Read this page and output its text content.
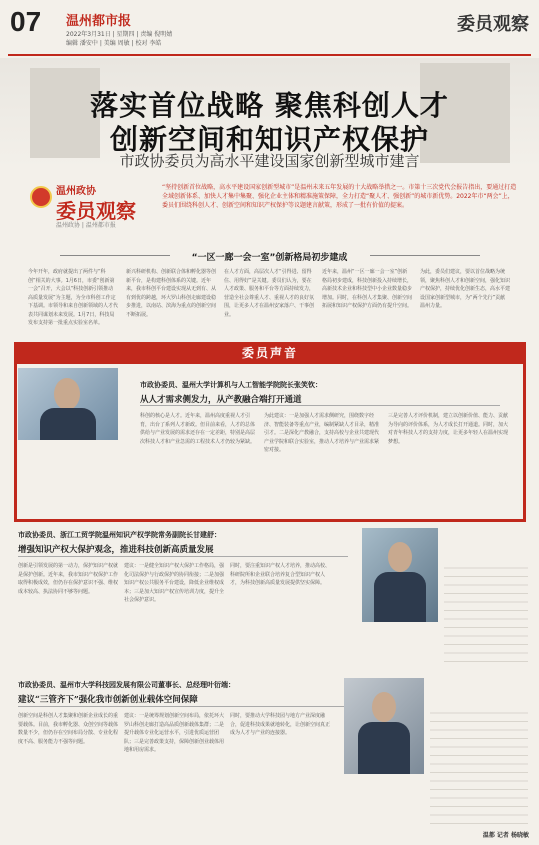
07 温州都市报
2022年3月31日 | 星期四 | 责编 倪明婧
编辑 潘安中 | 美编 周敏 | 校对 李皓
委员观察
落实首位战略 聚焦科创人才
创新空间和知识产权保护
市政协委员为高水平建设国家创新型城市建言
温州政协
委员观察
温州政协 | 温州都市报
“坚持创新首位战略，高水平建设国家创新型城市”是温州未来五年发展的十大战略举措之一。市第十三次党代会报告指出，要通过打造全域创新体系、加快人才集中集聚、强化企业主体和精准施策保障，全力打造“聚人才、强创新”的城市新优势。2022年市“两会”上，委员们围绕科创人才、创新空间和知识产权保护等议题建言献策，形成了一批有价值的提案。
“一区一廊一会一室”创新格局初步建成
今年开年，政府就提出了两件与“科创”相关的大事。1月6日，市委“创新第一会”召开，大会以“科技创新引领推动高质量发展”为主题，为全市科创工作定下基调。市领导和来自创新领域的人才代表共同谋划未来发展。1月7日，科技局发布支持第一批重点实验室名单。
新兴科研机构、创新联合体和孵化器等创新平台，是构建科创体系的关键。近年来，我市科创平台建设实现从无到有、从有到优的跨越，环大罗山科创走廊建设稳步推进，以南站、滨海为重点的创新空间不断拓展。
在人才方面，高层次人才“引得进、留得住、用得好”是关键。委员们认为，要在人才政策、服务和平台等方面持续发力，营造全社会尊重人才、重视人才的良好氛围，让更多人才在温州安家落户、干事创业。
近年来，温州“一区一廊一会一室”创新格局初步建成，科技创新投入持续增长，高新技术企业和科技型中小企业数量稳步增加。同时，在科创人才集聚、创新空间拓展和知识产权保护方面仍有提升空间。
为此，委员们建议，要以首位战略为统领，聚焦科创人才和创新空间，强化知识产权保护，持续优化创新生态，高水平建设国家创新型城市，为“两个先行”贡献温州力量。
委员声音
市政协委员、温州大学计算机与人工智能学院院长张笑钦：
从人才需求侧发力，从产教融合端打开通道
科创的核心是人才。近年来，温州高度重视人才引育，出台了系列人才新政。但目前来看，人才的总体供给与产业发展的需求还存在一定差距，特别是高层次科技人才和产业急需的工程技术人才仍较为紧缺。
为此建议：一是加强人才需求侧研究，围绕数字经济、智能装备等重点产业，编制紧缺人才目录，精准引才。二是深化产教融合，支持高校与企业共建现代产业学院和联合实验室，推动人才培养与产业需求紧密对接。
三是完善人才评价机制，建立以创新价值、能力、贡献为导向的评价体系，为人才成长打开通道。同时，加大对青年科技人才的支持力度，让更多年轻人在温州实现梦想。
市政协委员、浙江工贸学院温州知识产权学院常务副院长甘建舒：
增强知识产权大保护观念，推进科技创新高质量发展
创新是引领发展的第一动力，保护知识产权就是保护创新。近年来，我市知识产权保护工作取得积极成效，但仍存在保护意识不强、维权成本较高、执法协同不够等问题。
建议：一是健全知识产权大保护工作格局，强化司法保护与行政保护的协同衔接；二是加强知识产权公共服务平台建设，降低企业维权成本；三是加大知识产权宣传培训力度，提升全社会保护意识。
同时，要注重知识产权人才培养，推动高校、科研院所和企业联合培养复合型知识产权人才，为科技创新高质量发展提供坚实保障。
市政协委员、温州市大学科技园发展有限公司董事长、总经理叶衍端：
建议“三管齐下”强化我市创新创业载体空间保障
创新空间是科创人才集聚和创新企业成长的重要载体。目前，我市孵化器、众创空间等载体数量不少，但仍存在空间布局分散、专业化程度不高、服务能力不强等问题。
建议：一是统筹规划创新空间布局，依托环大罗山科创走廊打造高品质创新载体集群；二是提升载体专业化运营水平，引进优质运营团队；三是完善政策支持，保障创新创业载体用地和用房需求。
同时，要推动大学科技园与地方产业深度融合，促进科技成果就地转化，让创新空间真正成为人才与产业的连接器。
温都 记者 杨晓敏
